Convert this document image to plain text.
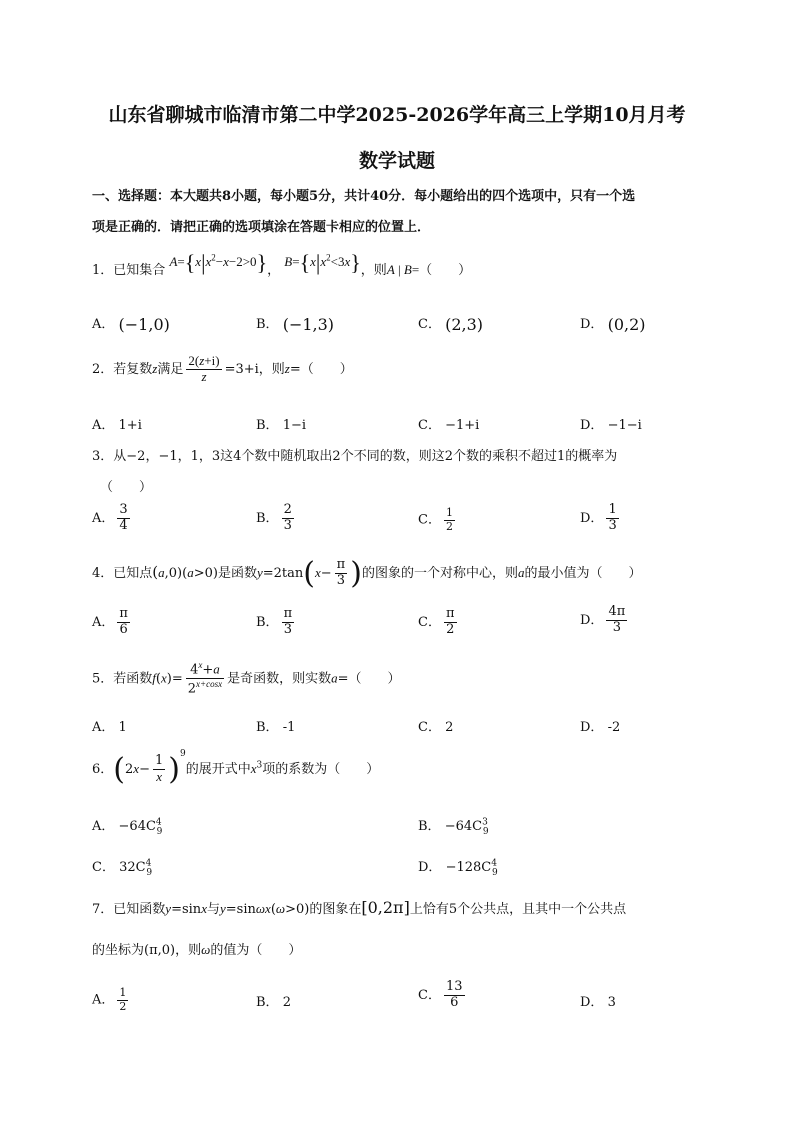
山东省聊城市临清市第二中学2025-2026学年高三上学期10月月考
数学试题
一、选择题：本大题共8小题，每小题5分，共计40分．每小题给出的四个选项中，只有一个选
项是正确的．请把正确的选项填涂在答题卡相应的位置上．
1．已知集合 $A=\{x|x^2-x-2>0\}$， $B=\{x|x^2<3x\}$，则A | B=（　　）
A． (−1,0)	B． (−1,3)	C． (2,3)	D． (0,2)
2．若复数z满足 $\frac{2(z+i)}{z} =3+i$，则z=（　　）
A． 1+i	B． 1−i	C． −1+i	D． −1−i
3．从−2，−1，1，3这4个数中随机取出2个不同的数，则这2个数的乘积不超过1的概率为
（　　）
A． $\frac{3}{4}$	B． $\frac{2}{3}$	C． $\frac{1}{2}$	D． $\frac{1}{3}$
4．已知点(a,0)(a>0)是函数$y=2\tan(x- \frac{\pi}{3}$ )的图象的一个对称中心，则a的最小值为（　　）
A． $\frac{\pi}{6}$	B． $\frac{\pi}{3}$	C． $\frac{\pi}{2}$	D． $\frac{4\pi}{3}$
5．若函数$f(x)= \frac{4^x+a}{2^{x+cosx}}$ 是奇函数，则实数a=（　　）
A． 1	B． -1	C． 2	D． -2
6．$(2x- \frac{1}{x} )^9$的展开式中$x^3$项的系数为（　　）
A． $-64C^4_9$	B． $-64C^3_9$
C． $32C^4_9$	D． $-128C^4_9$
7．已知函数y=sinx与y=sinωx(ω>0)的图象在[0,2π]上恰有5个公共点，且其中一个公共点
的坐标为(π,0)，则ω的值为（　　）
A． $\frac{1}{2}$	B． 2	C． $\frac{13}{6}$	D． 3
